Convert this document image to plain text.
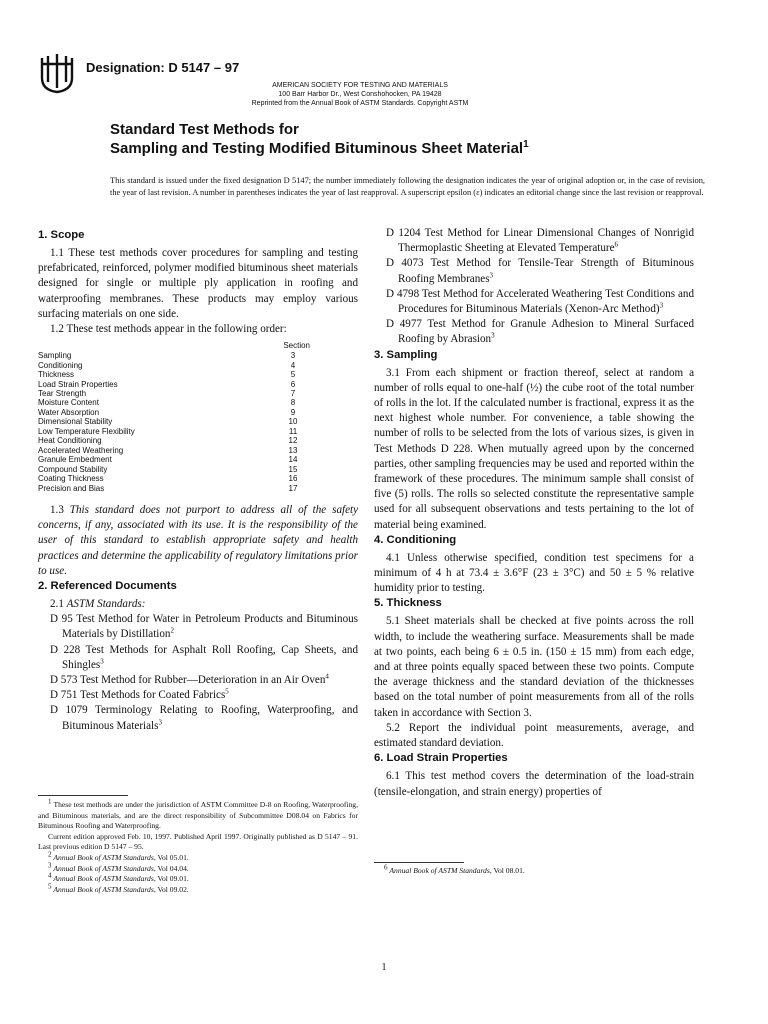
Designation: D 5147 – 97
AMERICAN SOCIETY FOR TESTING AND MATERIALS
100 Barr Harbor Dr., West Conshohocken, PA 19428
Reprinted from the Annual Book of ASTM Standards. Copyright ASTM
Standard Test Methods for
Sampling and Testing Modified Bituminous Sheet Material$^1$
This standard is issued under the fixed designation D 5147; the number immediately following the designation indicates the year of original adoption or, in the case of revision, the year of last revision. A number in parentheses indicates the year of last reapproval. A superscript epsilon (ε) indicates an editorial change since the last revision or reapproval.
1. Scope

1.1 These test methods cover procedures for sampling and testing prefabricated, reinforced, polymer modified bituminous sheet materials designed for single or multiple ply application in roofing and waterproofing membranes. These products may employ various surfacing materials on one side.

1.2 These test methods appear in the following order:

Section
Sampling	3
Conditioning	4
Thickness	5
Load Strain Properties	6
Tear Strength	7
Moisture Content	8
Water Absorption	9
Dimensional Stability	10
Low Temperature Flexibility	11
Heat Conditioning	12
Accelerated Weathering	13
Granule Embedment	14
Compound Stability	15
Coating Thickness	16
Precision and Bias	17

1.3 This standard does not purport to address all of the safety concerns, if any, associated with its use. It is the responsibility of the user of this standard to establish appropriate safety and health practices and determine the applicability of regulatory limitations prior to use.

2. Referenced Documents

2.1 ASTM Standards:

D 95 Test Method for Water in Petroleum Products and Bituminous Materials by Distillation$^2$

D 228 Test Methods for Asphalt Roll Roofing, Cap Sheets, and Shingles$^3$

D 573 Test Method for Rubber—Deterioration in an Air Oven$^4$

D 751 Test Methods for Coated Fabrics$^5$

D 1079 Terminology Relating to Roofing, Waterproofing, and Bituminous Materials$^3$

$^1$ These test methods are under the jurisdiction of ASTM Committee D-8 on Roofing, Waterproofing, and Bituminous materials, and are the direct responsibility of Subcommittee D08.04 on Fabrics for Bituminous Roofing and Waterproofing.
Current edition approved Feb. 10, 1997. Published April 1997. Originally published as D 5147 – 91. Last previous edition D 5147 – 95.
$^2$ Annual Book of ASTM Standards, Vol 05.01.
$^3$ Annual Book of ASTM Standards, Vol 04.04.
$^4$ Annual Book of ASTM Standards, Vol 09.01.
$^5$ Annual Book of ASTM Standards, Vol 09.02.

D 1204 Test Method for Linear Dimensional Changes of Nonrigid Thermoplastic Sheeting at Elevated Temperature$^6$

D 4073 Test Method for Tensile-Tear Strength of Bituminous Roofing Membranes$^3$

D 4798 Test Method for Accelerated Weathering Test Conditions and Procedures for Bituminous Materials (Xenon-Arc Method)$^3$

D 4977 Test Method for Granule Adhesion to Mineral Surfaced Roofing by Abrasion$^3$

3. Sampling

3.1 From each shipment or fraction thereof, select at random a number of rolls equal to one-half (½) the cube root of the total number of rolls in the lot. If the calculated number is fractional, express it as the next highest whole number. For convenience, a table showing the number of rolls to be selected from the lots of various sizes, is given in Test Methods D 228. When mutually agreed upon by the concerned parties, other sampling frequencies may be used and reported within the framework of these procedures. The minimum sample shall consist of five (5) rolls. The rolls so selected constitute the representative sample used for all subsequent observations and tests pertaining to the lot of material being examined.

4. Conditioning

4.1 Unless otherwise specified, condition test specimens for a minimum of 4 h at 73.4 ± 3.6°F (23 ± 3°C) and 50 ± 5 % relative humidity prior to testing.

5. Thickness

5.1 Sheet materials shall be checked at five points across the roll width, to include the weathering surface. Measurements shall be made at two points, each being 6 ± 0.5 in. (150 ± 15 mm) from each edge, and at three points equally spaced between these two points. Compute the average thickness and the standard deviation of the thicknesses based on the total number of point measurements from all of the rolls taken in accordance with Section 3.

5.2 Report the individual point measurements, average, and estimated standard deviation.

6. Load Strain Properties

6.1 This test method covers the determination of the load-strain (tensile-elongation, and strain energy) properties of

$^6$ Annual Book of ASTM Standards, Vol 08.01.
1
